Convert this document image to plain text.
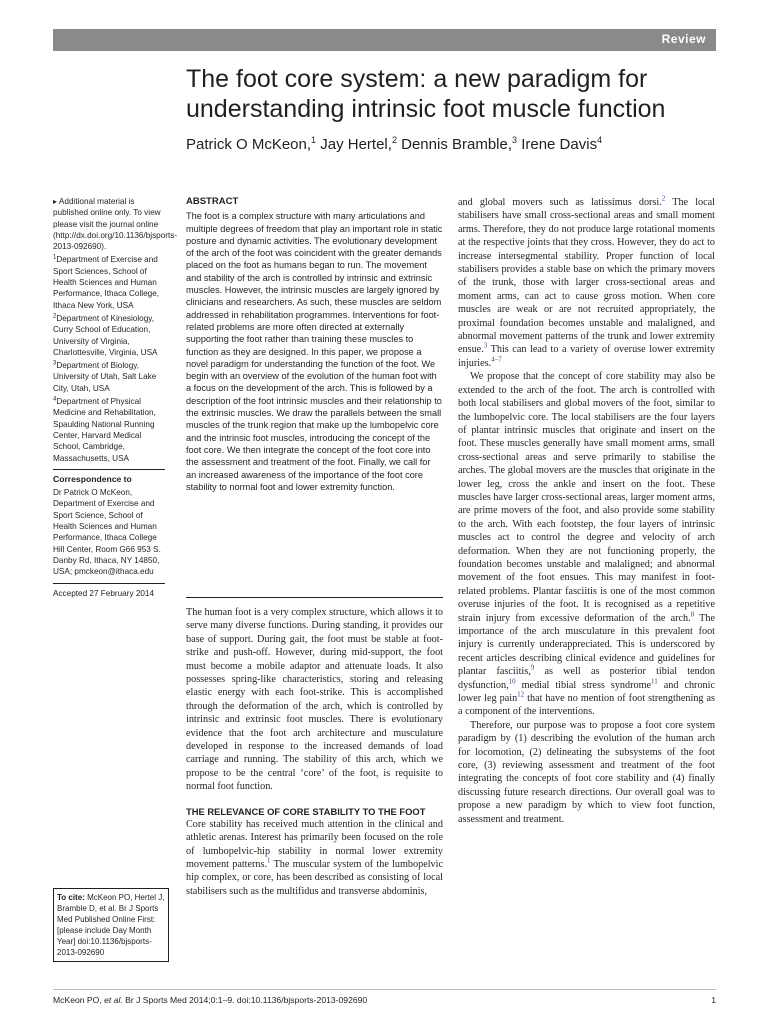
Review
The foot core system: a new paradigm for understanding intrinsic foot muscle function
Patrick O McKeon,$^1$ Jay Hertel,$^2$ Dennis Bramble,$^3$ Irene Davis$^4$

▸ Additional material is published online only. To view please visit the journal online (http://dx.doi.org/10.1136/bjsports-2013-092690).

$^1$Department of Exercise and Sport Sciences, School of Health Sciences and Human Performance, Ithaca College, Ithaca New York, USA

$^2$Department of Kinesiology, Curry School of Education, University of Virginia, Charlottesville, Virginia, USA

$^3$Department of Biology, University of Utah, Salt Lake City, Utah, USA

$^4$Department of Physical Medicine and Rehabilitation, Spaulding National Running Center, Harvard Medical School, Cambridge, Massachusetts, USA

Correspondence to

Dr Patrick O McKeon, Department of Exercise and Sport Science, School of Health Sciences and Human Performance, Ithaca College Hill Center, Room G66 953 S. Danby Rd, Ithaca, NY 14850, USA; pmckeon@ithaca.edu

Accepted 27 February 2014

To cite: McKeon PO, Hertel J, Bramble D, et al. Br J Sports Med Published Online First: [please include Day Month Year] doi:10.1136/bjsports-2013-092690
ABSTRACT

The foot is a complex structure with many articulations and multiple degrees of freedom that play an important role in static posture and dynamic activities. The evolutionary development of the arch of the foot was coincident with the greater demands placed on the foot as humans began to run. The movement and stability of the arch is controlled by intrinsic and extrinsic muscles. However, the intrinsic muscles are largely ignored by clinicians and researchers. As such, these muscles are seldom addressed in rehabilitation programmes. Interventions for foot-related problems are more often directed at externally supporting the foot rather than training these muscles to function as they are designed. In this paper, we propose a novel paradigm for understanding the function of the foot. We begin with an overview of the evolution of the human foot with a focus on the development of the arch. This is followed by a description of the foot intrinsic muscles and their relationship to the extrinsic muscles. We draw the parallels between the small muscles of the trunk region that make up the lumbopelvic core and the intrinsic foot muscles, introducing the concept of the foot core. We then integrate the concept of the foot core into the assessment and treatment of the foot. Finally, we call for an increased awareness of the importance of the foot core stability to normal foot and lower extremity function.

The human foot is a very complex structure, which allows it to serve many diverse functions. During standing, it provides our base of support. During gait, the foot must be stable at foot-strike and push-off. However, during mid-support, the foot must become a mobile adaptor and attenuate loads. It also possesses spring-like characteristics, storing and releasing elastic energy with each foot-strike. This is accomplished through the deformation of the arch, which is controlled by intrinsic and extrinsic foot muscles. There is evolutionary evidence that the foot arch architecture and musculature developed in response to the increased demands of load carriage and running. The stability of this arch, which we propose to be the central ‘core’ of the foot, is requisite to normal foot function.

THE RELEVANCE OF CORE STABILITY TO THE FOOT

Core stability has received much attention in the clinical and athletic arenas. Interest has primarily been focused on the role of lumbopelvic-hip stability in normal lower extremity movement patterns.$^1$ The muscular system of the lumbopelvic hip complex, or core, has been described as consisting of local stabilisers such as the multifidus and transverse abdominis,

and global movers such as latissimus dorsi.$^2$ The local stabilisers have small cross-sectional areas and small moment arms. Therefore, they do not produce large rotational moments at the respective joints that they cross. However, they do act to increase intersegmental stability. Proper function of local stabilisers provides a stable base on which the primary movers of the trunk, those with larger cross-sectional areas and moment arms, can act to cause gross motion. When core muscles are weak or are not recruited appropriately, the proximal foundation becomes unstable and malaligned, and abnormal movement patterns of the trunk and lower extremity ensue.$^3$ This can lead to a variety of overuse lower extremity injuries.$^{4-7}$

We propose that the concept of core stability may also be extended to the arch of the foot. The arch is controlled with both local stabilisers and global movers of the foot, similar to the lumbopelvic core. The local stabilisers are the four layers of plantar intrinsic muscles that originate and insert on the foot. These muscles generally have small moment arms, small cross-sectional areas and serve primarily to stabilise the arches. The global movers are the muscles that originate in the lower leg, cross the ankle and insert on the foot. These muscles have larger cross-sectional areas, larger moment arms, are prime movers of the foot, and also provide some stability to the arch. With each footstep, the four layers of intrinsic muscles act to control the degree and velocity of arch deformation. When they are not functioning properly, the foundation becomes unstable and malaligned; and abnormal movement of the foot ensues. This may manifest in foot-related problems. Plantar fasciitis is one of the most common overuse injuries of the foot. It is recognised as a repetitive strain injury from excessive deformation of the arch.$^8$ The importance of the arch musculature in this prevalent foot injury is currently underappreciated. This is underscored by recent articles describing clinical evidence and guidelines for plantar fasciitis,$^9$ as well as posterior tibial tendon dysfunction,$^{10}$ medial tibial stress syndrome$^{11}$ and chronic lower leg pain$^{12}$ that have no mention of foot strengthening as a component of the interventions.

Therefore, our purpose was to propose a foot core system paradigm by (1) describing the evolution of the human arch for locomotion, (2) delineating the subsystems of the foot core, (3) reviewing assessment and treatment of the foot integrating the concepts of foot core stability and (4) finally discussing future research directions. Our overall goal was to propose a new paradigm by which to view foot function, assessment and treatment.

McKeon PO, et al. Br J Sports Med 2014;0:1–9. doi:10.1136/bjsports-2013-092690	1
